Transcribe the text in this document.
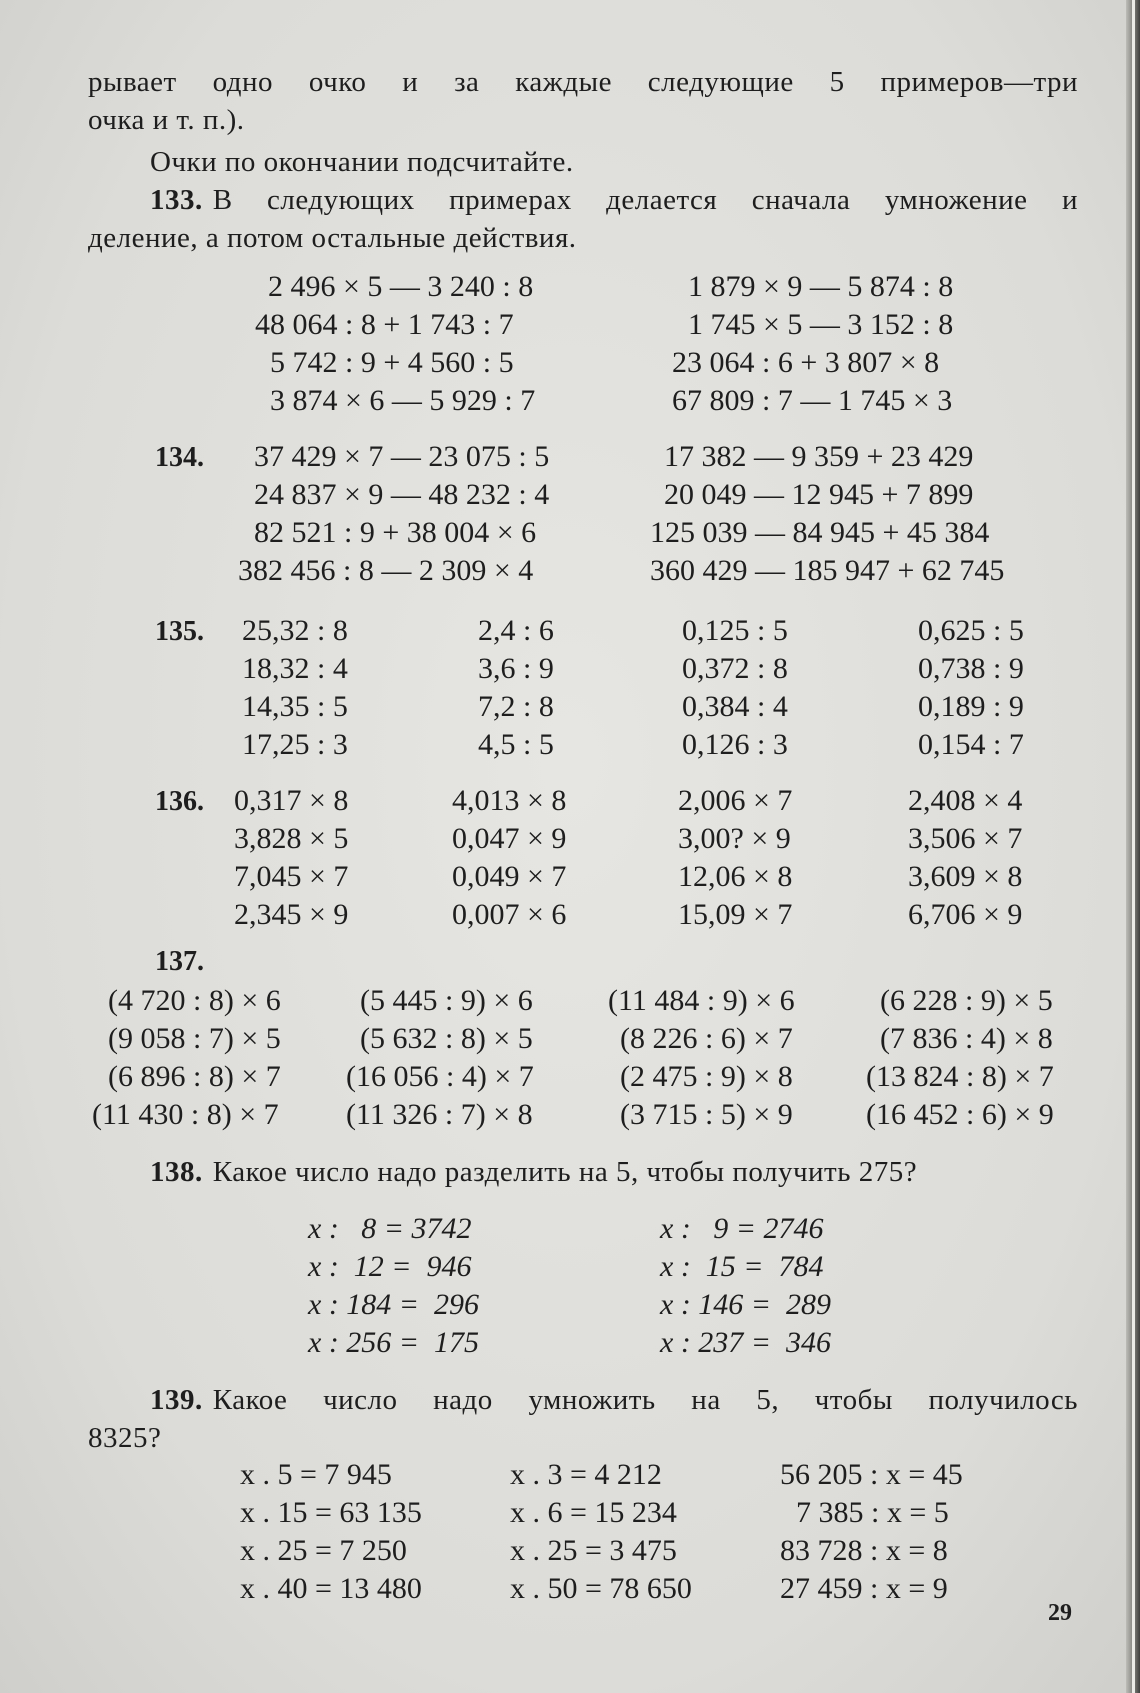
рывает одно очко и за каждые следующие 5 примеров—три
очка и т. п.).
Очки по окончании подсчитайте.
133. В следующих примерах делается сначала умножение и
деление, а потом остальные действия.
2 496 × 5 — 3 240 : 8
48 064 : 8 + 1 743 : 7
5 742 : 9 + 4 560 : 5
3 874 × 6 — 5 929 : 7
1 879 × 9 — 5 874 : 8
1 745 × 5 — 3 152 : 8
23 064 : 6 + 3 807 × 8
67 809 : 7 — 1 745 × 3
134. 37 429 × 7 — 23 075 : 5
24 837 × 9 — 48 232 : 4
82 521 : 9 + 38 004 × 6
382 456 : 8 — 2 309 × 4
17 382 — 9 359 + 23 429
20 049 — 12 945 + 7 899
125 039 — 84 945 + 45 384
360 429 — 185 947 + 62 745
135. 25,32 : 8
18,32 : 4
14,35 : 5
17,25 : 3
2,4 : 6
3,6 : 9
7,2 : 8
4,5 : 5
0,125 : 5
0,372 : 8
0,384 : 4
0,126 : 3
0,625 : 5
0,738 : 9
0,189 : 9
0,154 : 7
136. 0,317 × 8
3,828 × 5
7,045 × 7
2,345 × 9
4,013 × 8
0,047 × 9
0,049 × 7
0,007 × 6
2,006 × 7
3,00? × 9
12,06 × 8
15,09 × 7
2,408 × 4
3,506 × 7
3,609 × 8
6,706 × 9
137.
(4 720 : 8) × 6
(9 058 : 7) × 5
(6 896 : 8) × 7
(11 430 : 8) × 7
(5 445 : 9) × 6
(5 632 : 8) × 5
(16 056 : 4) × 7
(11 326 : 7) × 8
(11 484 : 9) × 6
(8 226 : 6) × 7
(2 475 : 9) × 8
(3 715 : 5) × 9
(6 228 : 9) × 5
(7 836 : 4) × 8
(13 824 : 8) × 7
(16 452 : 6) × 9
138. Какое число надо разделить на 5, чтобы получить 275?
x :   8 = 3742
x :  12 =  946
x : 184 =  296
x : 256 =  175
x :   9 = 2746
x :  15 =  784
x : 146 =  289
x : 237 =  346
139. Какое число надо умножить на 5, чтобы получилось
8325?
x . 5 = 7 945
x . 15 = 63 135
x . 25 = 7 250
x . 40 = 13 480
x . 3 = 4 212
x . 6 = 15 234
x . 25 = 3 475
x . 50 = 78 650
56 205 : x = 45
7 385 : x = 5
83 728 : x = 8
27 459 : x = 9
29
